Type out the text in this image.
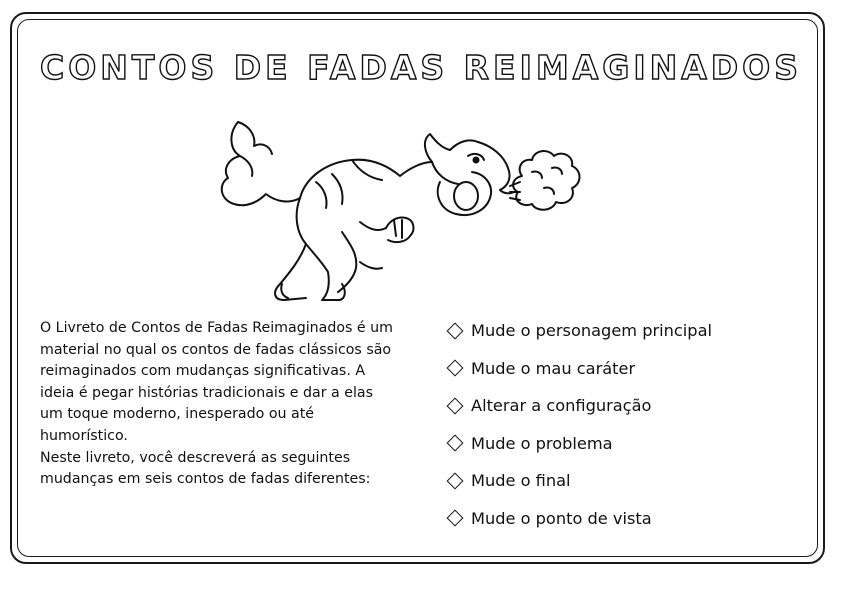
CONTOS DE FADAS REIMAGINADOS

O Livreto de Contos de Fadas Reimaginados é um material no qual os contos de fadas clássicos são reimaginados com mudanças significativas. A ideia é pegar histórias tradicionais e dar a elas um toque moderno, inesperado ou até humorístico.

Neste livreto, você descreverá as seguintes mudanças em seis contos de fadas diferentes:

Mude o personagem principal
Mude o mau caráter
Alterar a configuração
Mude o problema
Mude o final
Mude o ponto de vista
